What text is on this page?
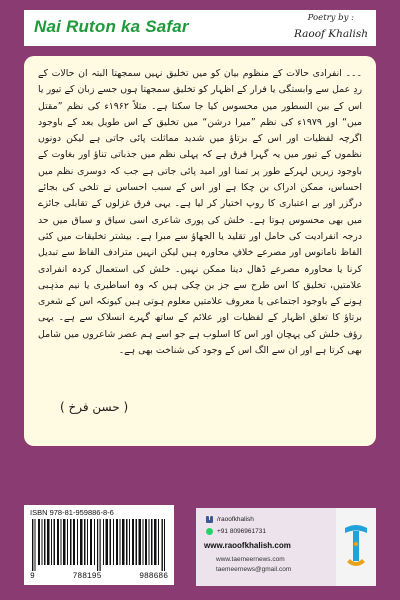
Nai Ruton ka Safar	Poetry by :
Raoof Khalish

۔۔۔ انفرادی حالات کے منظوم بیان کو میں تخلیق نہیں سمجھتا البتہ ان حالات کے ردِ عمل سے وابستگی یا فرار کے اظہار کو تخلیق سمجھتا ہوں جسے زبان کے تیور یا اس کے بین السطور میں محسوس کیا جا سکتا ہے۔ مثلاً ۱۹۶۲ء کی نظم ”مقتل میں“ اور ۱۹۷۹ء کی نظم ”میرا درشن“ میں تخلیق کے اس طویل بعد کے باوجود اگرچہ لفظیات اور اس کے برتاؤ میں شدید مماثلت پائی جاتی ہے لیکن دونوں نظموں کے تیور میں یہ گہرا فرق ہے کہ پہلی نظم میں جذباتی تناؤ اور بغاوت کے باوجود زیریں لہرکے طور پر تمنا اور امید پائی جاتی ہے جب کہ دوسری نظم میں احساس، ممکن ادراک بن چکا ہے اور اس کے سبب احساس نے تلخی کی بجائے درگزر اور بے اعتباری کا روپ اختیار کر لیا ہے۔ یہی فرق غزلوں کے تقابلی جائزے میں بھی محسوس ہوتا ہے۔ خلش کی پوری شاعری اسی سیاق و سباق میں حد درجہ انفرادیت کی حامل اور تقلید یا الجھاؤ سے مبرا ہے۔ بیشتر تخلیقات میں کئی الفاظ نامانوس اور مصرعے خلافِ محاورہ ہیں لیکن انہیں مترادف الفاظ سے تبدیل کرنا یا محاورہ مصرعے ڈھال دینا ممکن نہیں۔ خلش کی استعمال کردہ انفرادی علامتیں، تخلیق کا اس طرح سے جز بن چکی ہیں کہ وہ اساطیری یا نیم مذہبی ہونے کے باوجود اجتماعی یا معروف علامتیں معلوم ہوتی ہیں کیونکہ اس کے شعری برتاؤ کا تعلق اظہار کے لفظیات اور علائم کے ساتھ گہرے انسلاک سے ہے۔ یہی رؤف خلش کی پہچان اور اس کا اسلوب ہے جو اسے ہم عصر شاعروں میں شامل بھی کرتا ہے اور ان سے الگ اس کے وجود کی شناخت بھی ہے۔

( حسن فرخ )
ISBN 978-81-959886-8-6
9	788195	988686
f	/raoofkhalish
+91 8096961731
www.raoofkhalish.com
www.taemeernews.com
taemeernews@gmail.com
